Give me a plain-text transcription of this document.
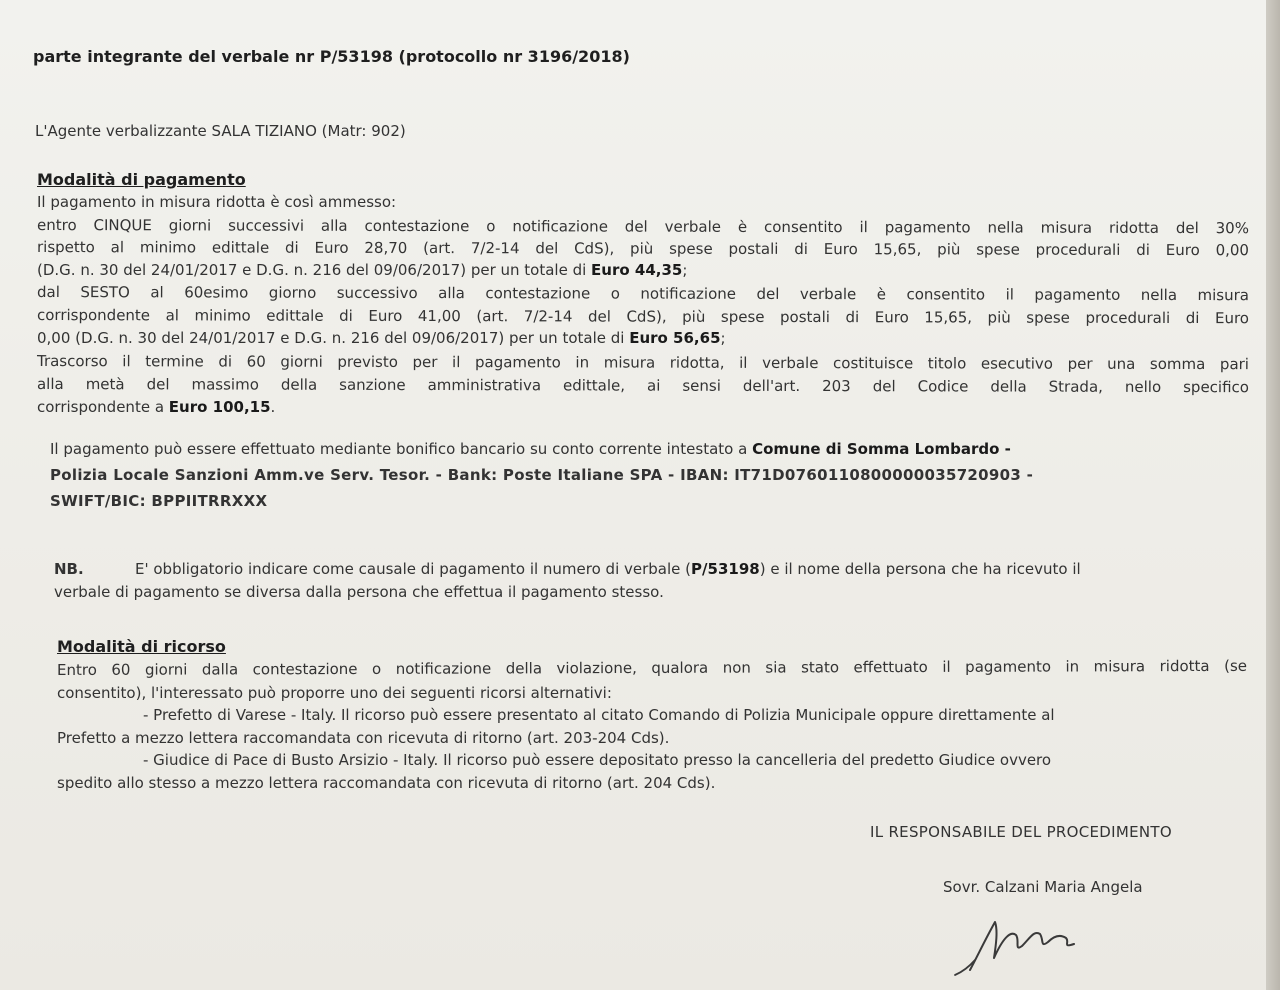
parte integrante del verbale nr P/53198 (protocollo nr 3196/2018)
L'Agente verbalizzante SALA TIZIANO (Matr: 902)
Modalità di pagamento
Il pagamento in misura ridotta è così ammesso:
entro CINQUE giorni successivi alla contestazione o notificazione del verbale è consentito il pagamento nella misura ridotta del 30%
rispetto al minimo edittale di Euro 28,70 (art. 7/2-14 del CdS), più spese postali di Euro 15,65, più spese procedurali di Euro 0,00
(D.G. n. 30 del 24/01/2017 e D.G. n. 216 del 09/06/2017) per un totale di Euro 44,35;
dal SESTO al 60esimo giorno successivo alla contestazione o notificazione del verbale è consentito il pagamento nella misura
corrispondente al minimo edittale di Euro 41,00 (art. 7/2-14 del CdS), più spese postali di Euro 15,65, più spese procedurali di Euro
0,00 (D.G. n. 30 del 24/01/2017 e D.G. n. 216 del 09/06/2017) per un totale di Euro 56,65;
Trascorso il termine di 60 giorni previsto per il pagamento in misura ridotta, il verbale costituisce titolo esecutivo per una somma pari
alla metà del massimo della sanzione amministrativa edittale, ai sensi dell'art. 203 del Codice della Strada, nello specifico
corrispondente a Euro 100,15.
Il pagamento può essere effettuato mediante bonifico bancario su conto corrente intestato a Comune di Somma Lombardo -
Polizia Locale Sanzioni Amm.ve Serv. Tesor. - Bank: Poste Italiane SPA - IBAN: IT71D0760110800000035720903 -
SWIFT/BIC: BPPIITRRXXX
NB.	E' obbligatorio indicare come causale di pagamento il numero di verbale (P/53198) e il nome della persona che ha ricevuto il
verbale di pagamento se diversa dalla persona che effettua il pagamento stesso.
Modalità di ricorso
Entro 60 giorni dalla contestazione o notificazione della violazione, qualora non sia stato effettuato il pagamento in misura ridotta (se
consentito), l'interessato può proporre uno dei seguenti ricorsi alternativi:
- Prefetto di Varese - Italy. Il ricorso può essere presentato al citato Comando di Polizia Municipale oppure direttamente al
Prefetto a mezzo lettera raccomandata con ricevuta di ritorno (art. 203-204 Cds).
- Giudice di Pace di Busto Arsizio - Italy. Il ricorso può essere depositato presso la cancelleria del predetto Giudice ovvero
spedito allo stesso a mezzo lettera raccomandata con ricevuta di ritorno (art. 204 Cds).
IL RESPONSABILE DEL PROCEDIMENTO
Sovr. Calzani Maria Angela
